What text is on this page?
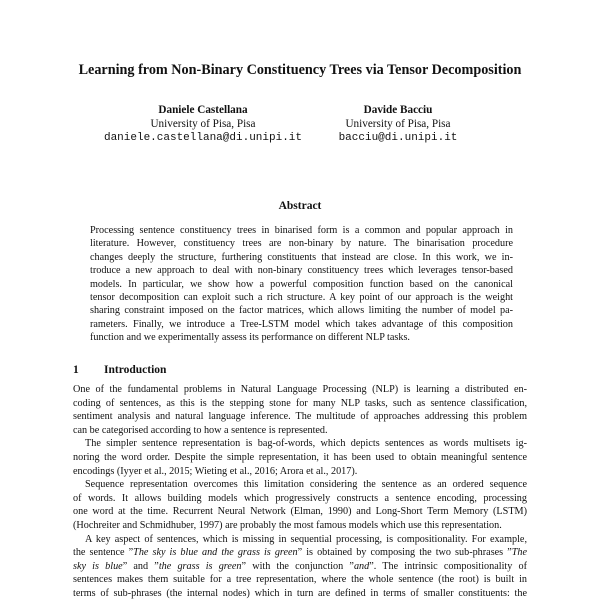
Learning from Non-Binary Constituency Trees via Tensor Decomposition
Daniele Castellana
University of Pisa, Pisa
daniele.castellana@di.unipi.it
Davide Bacciu
University of Pisa, Pisa
bacciu@di.unipi.it
Abstract
Processing sentence constituency trees in binarised form is a common and popular approach in
literature. However, constituency trees are non-binary by nature. The binarisation procedure
changes deeply the structure, furthering constituents that instead are close. In this work, we in-
troduce a new approach to deal with non-binary constituency trees which leverages tensor-based
models. In particular, we show how a powerful composition function based on the canonical
tensor decomposition can exploit such a rich structure. A key point of our approach is the weight
sharing constraint imposed on the factor matrices, which allows limiting the number of model pa-
rameters. Finally, we introduce a Tree-LSTM model which takes advantage of this composition
function and we experimentally assess its performance on different NLP tasks.
1 Introduction
One of the fundamental problems in Natural Language Processing (NLP) is learning a distributed en-
coding of sentences, as this is the stepping stone for many NLP tasks, such as sentence classification,
sentiment analysis and natural language inference. The multitude of approaches addressing this problem
can be categorised according to how a sentence is represented.
The simpler sentence representation is bag-of-words, which depicts sentences as words multisets ig-
noring the word order. Despite the simple representation, it has been used to obtain meaningful sentence
encodings (Iyyer et al., 2015; Wieting et al., 2016; Arora et al., 2017).
Sequence representation overcomes this limitation considering the sentence as an ordered sequence
of words. It allows building models which progressively constructs a sentence encoding, processing
one word at the time. Recurrent Neural Network (Elman, 1990) and Long-Short Term Memory (LSTM)
(Hochreiter and Schmidhuber, 1997) are probably the most famous models which use this representation.
A key aspect of sentences, which is missing in sequential processing, is compositionality. For example,
the sentence ”The sky is blue and the grass is green” is obtained by composing the two sub-phrases ”The
sky is blue” and ”the grass is green” with the conjunction ”and”. The intrinsic compositionality of
sentences makes them suitable for a tree representation, where the whole sentence (the root) is built in
terms of sub-phrases (the internal nodes) which in turn are defined in terms of smaller constituents: the
